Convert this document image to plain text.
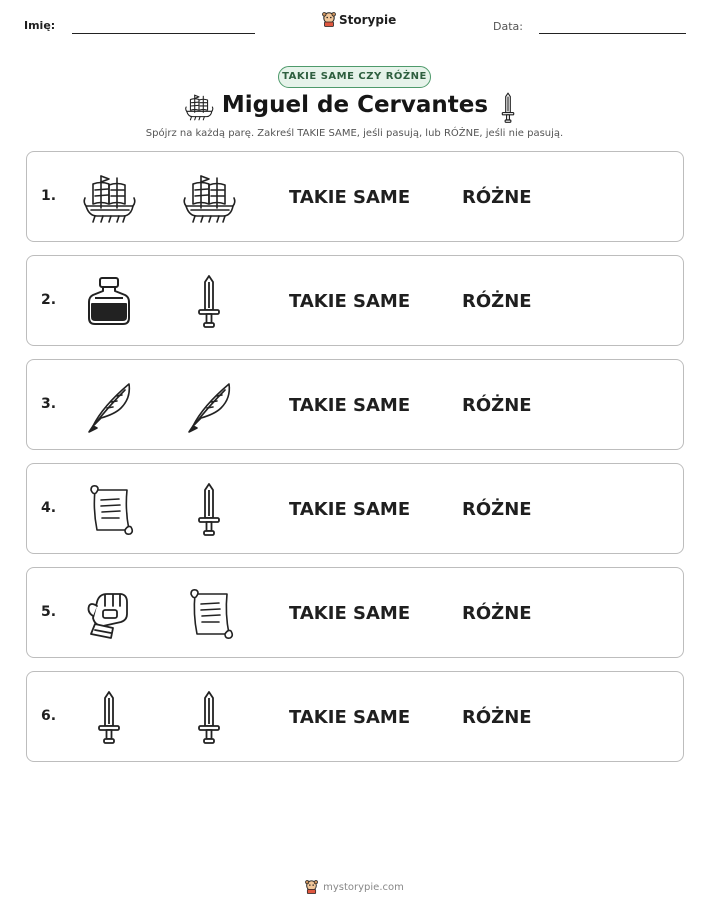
Imię:	Storypie	Data:
TAKIE SAME CZY RÓŻNE
Miguel de Cervantes
Spójrz na każdą parę. Zakreśl TAKIE SAME, jeśli pasują, lub RÓŻNE, jeśli nie pasują.
1.	TAKIE SAME	RÓŻNE
2.	TAKIE SAME	RÓŻNE
3.	TAKIE SAME	RÓŻNE
4.	TAKIE SAME	RÓŻNE
5.	TAKIE SAME	RÓŻNE
6.	TAKIE SAME	RÓŻNE
mystorypie.com
